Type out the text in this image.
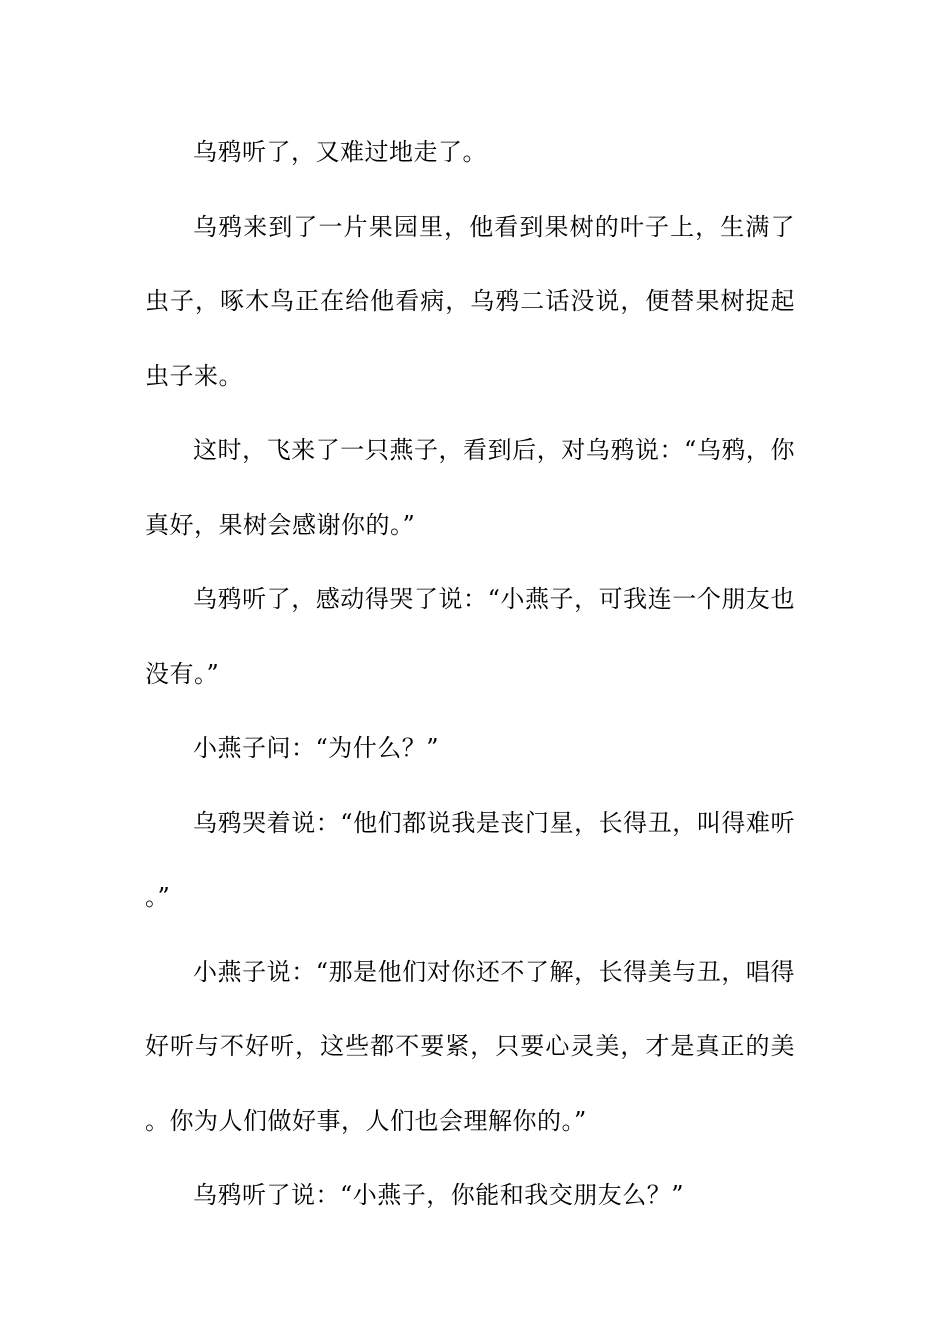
乌鸦听了，又难过地走了。

乌鸦来到了一片果园里，他看到果树的叶子上，生满了虫子，啄木鸟正在给他看病，乌鸦二话没说，便替果树捉起虫子来。

这时，飞来了一只燕子，看到后，对乌鸦说：“乌鸦，你真好，果树会感谢你的。”

乌鸦听了，感动得哭了说：“小燕子，可我连一个朋友也没有。”

小燕子问：“为什么？”

乌鸦哭着说：“他们都说我是丧门星，长得丑，叫得难听。”

小燕子说：“那是他们对你还不了解，长得美与丑，唱得好听与不好听，这些都不要紧，只要心灵美，才是真正的美。你为人们做好事，人们也会理解你的。”

乌鸦听了说：“小燕子，你能和我交朋友么？”
